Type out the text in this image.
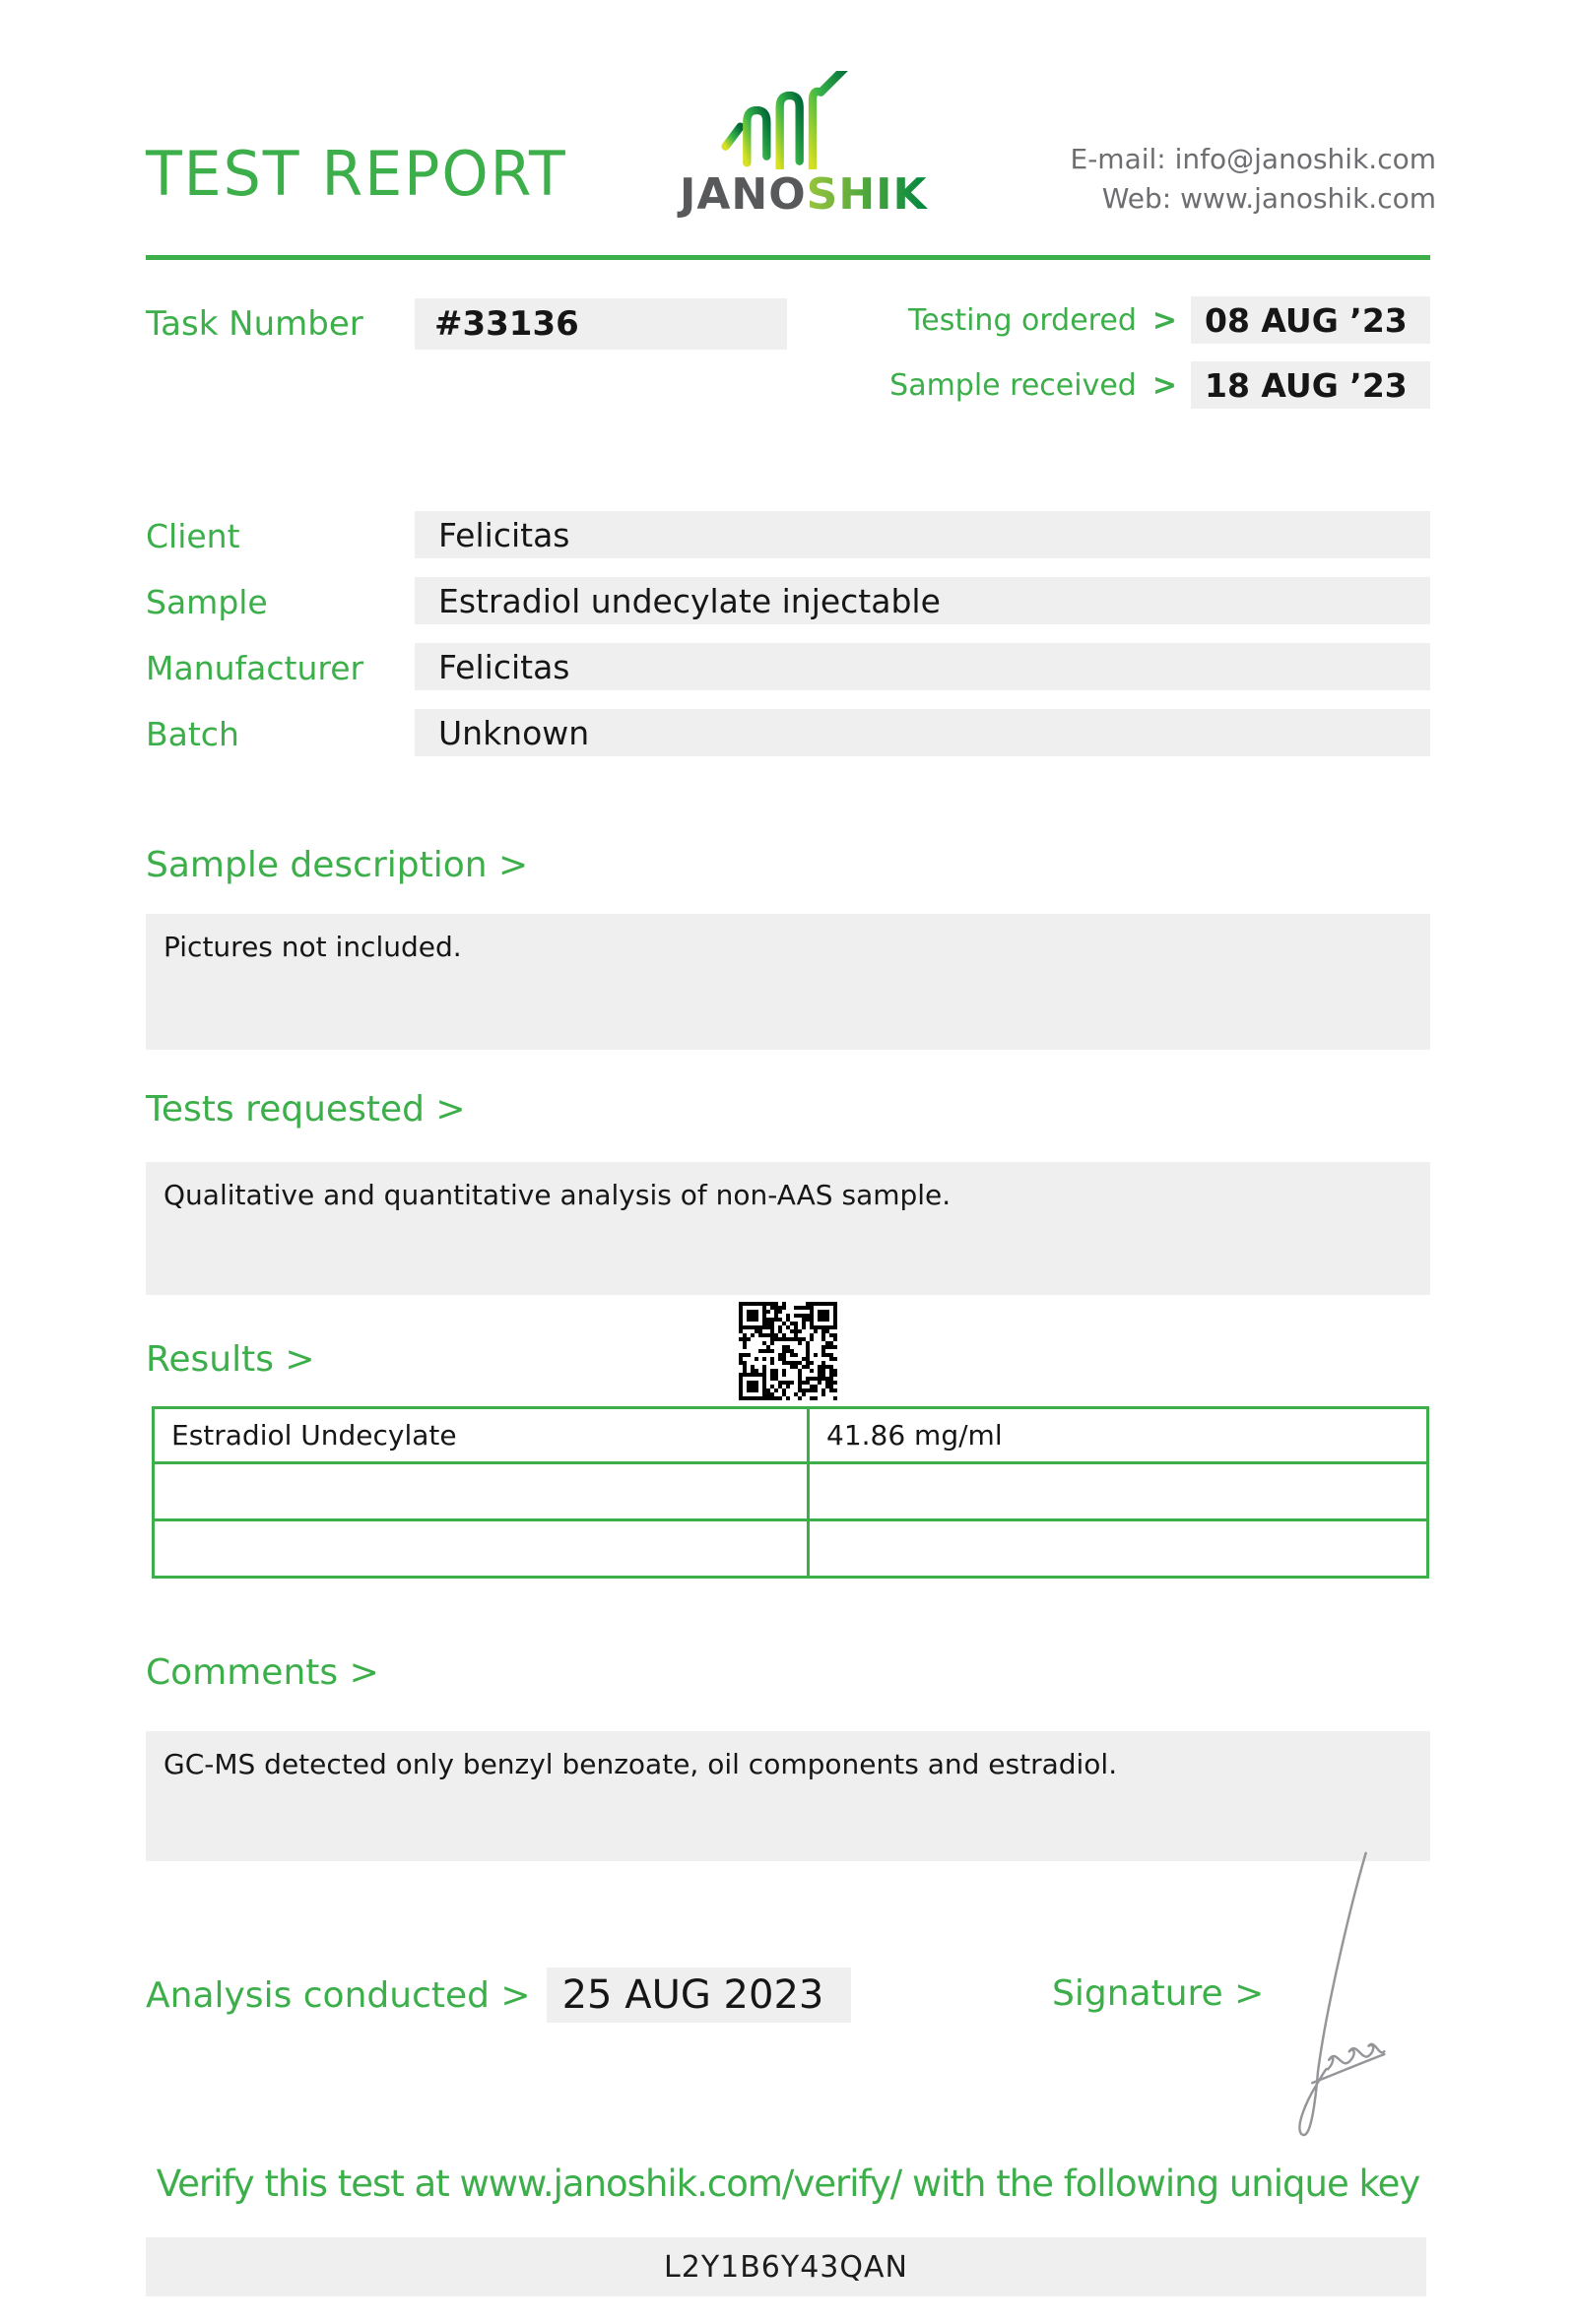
TEST REPORT	JANOSHIK
E-mail: info@janoshik.com
Web: www.janoshik.com
Task Number #33136	Testing ordered > 08 AUG ’23
Sample received > 18 AUG ’23
Client	Felicitas
Sample	Estradiol undecylate injectable
Manufacturer Felicitas
Batch	Unknown
Sample description >

Pictures not included.

Tests requested >

Qualitative and quantitative analysis of non-AAS sample.

Results >
Estradiol Undecylate	41.86 mg/ml

Comments >

GC-MS detected only benzyl benzoate, oil components and estradiol.

Analysis conducted > 25 AUG 2023	Signature >
Verify this test at www.janoshik.com/verify/ with the following unique key
L2Y1B6Y43QAN
